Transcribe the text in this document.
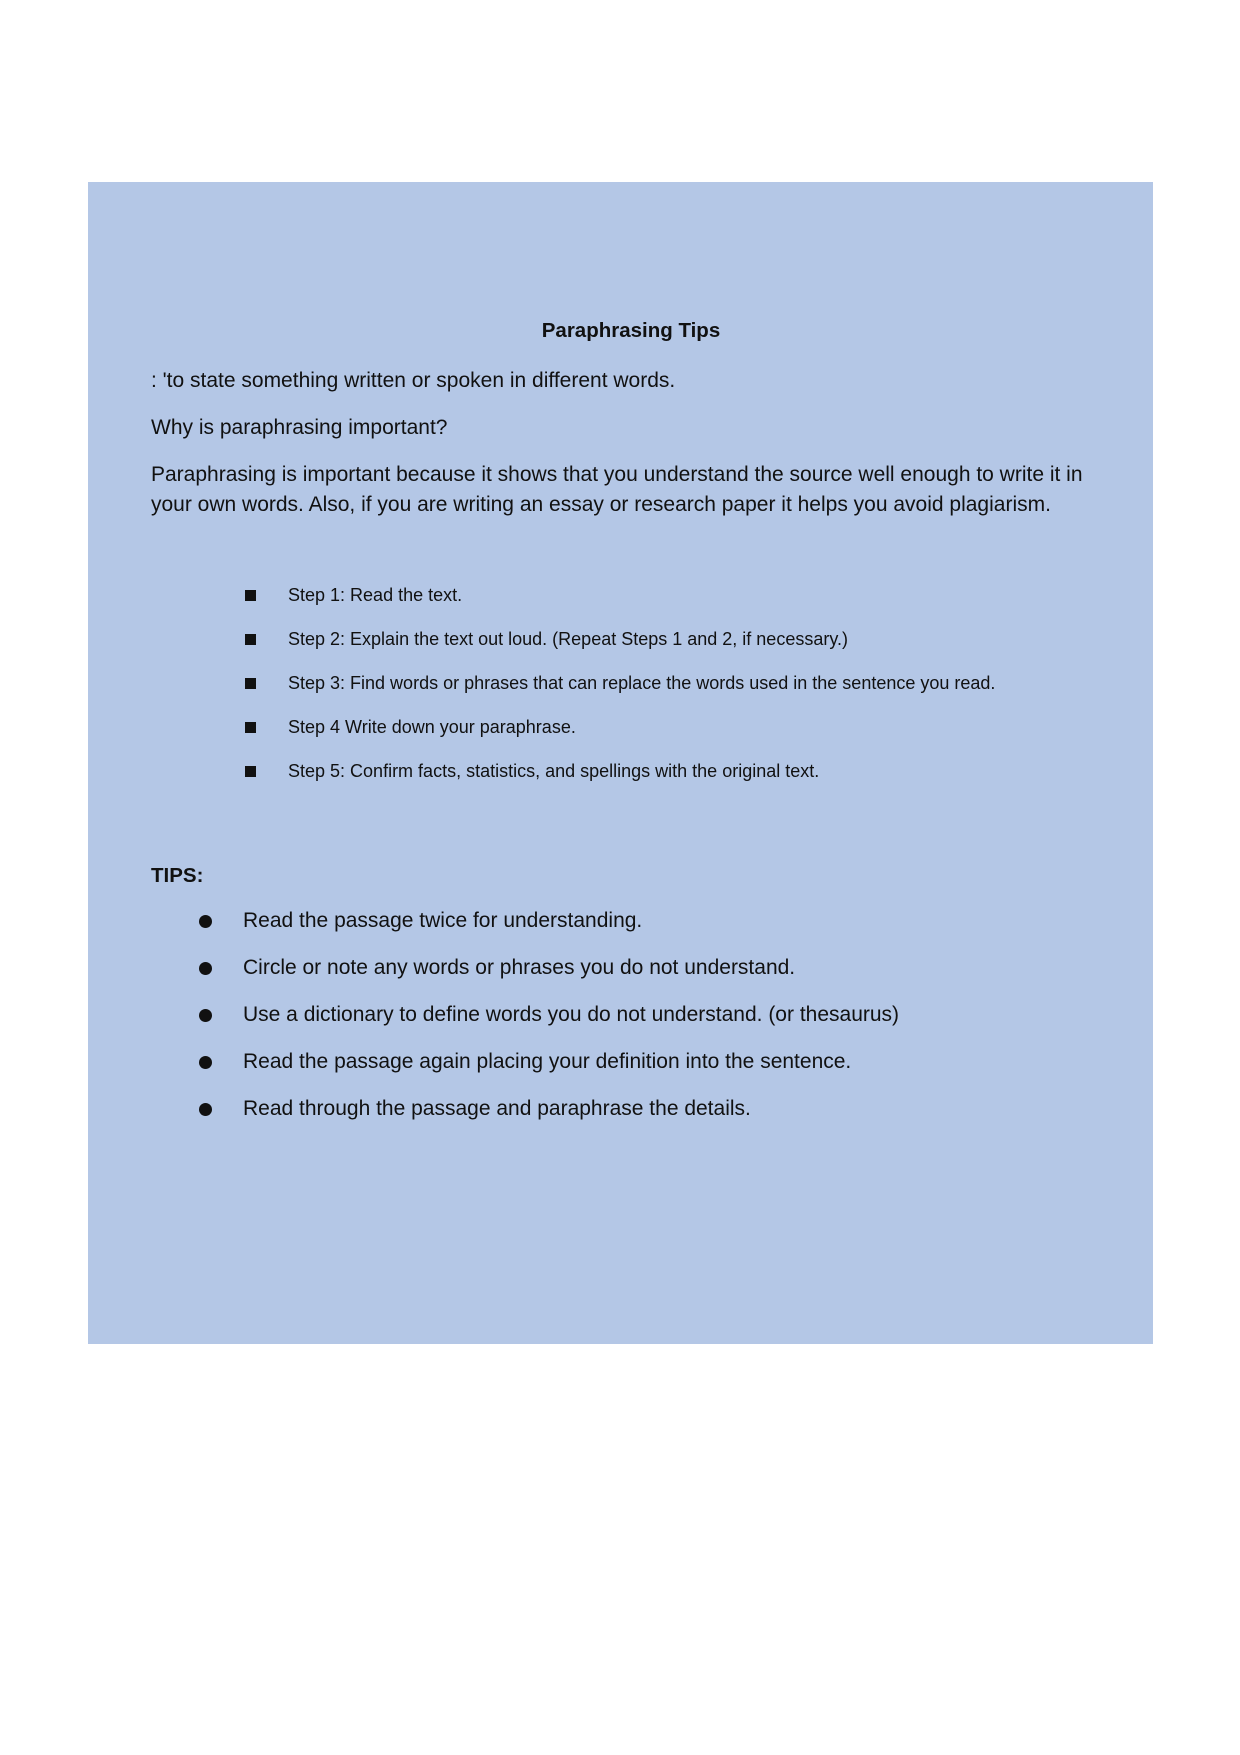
Paraphrasing Tips
: 'to state something written or spoken in different words.
Why is paraphrasing important?
Paraphrasing is important because it shows that you understand the source well enough to write it in your own words. Also, if you are writing an essay or research paper it helps you avoid plagiarism.
Step 1: Read the text.
Step 2: Explain the text out loud. (Repeat Steps 1 and 2, if necessary.)
Step 3: Find words or phrases that can replace the words used in the sentence you read.
Step 4 Write down your paraphrase.
Step 5: Confirm facts, statistics, and spellings with the original text.
TIPS:
Read the passage twice for understanding.
Circle or note any words or phrases you do not understand.
Use a dictionary to define words you do not understand. (or thesaurus)
Read the passage again placing your definition into the sentence.
Read through the passage and paraphrase the details.
